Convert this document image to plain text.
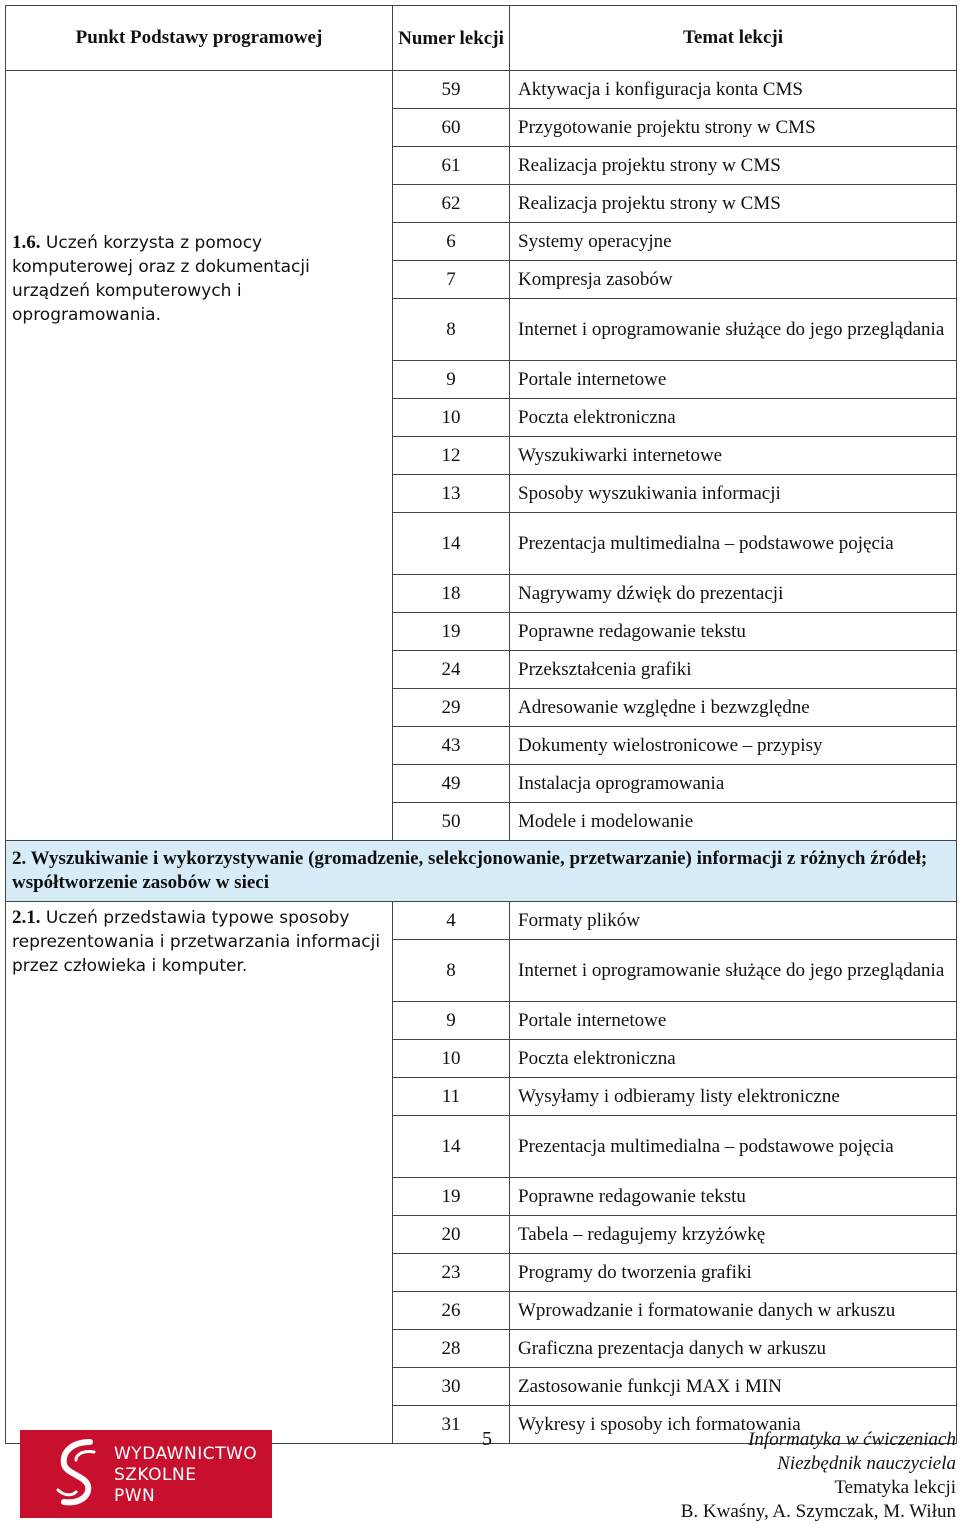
Punkt Podstawy programowej	Numer lekcji	Temat lekcji
1.6. Uczeń korzysta z pomocy komputerowej oraz z dokumentacji urządzeń komputerowych i oprogramowania.	59	Aktywacja i konfiguracja konta CMS
	60	Przygotowanie projektu strony w CMS
	61	Realizacja projektu strony w CMS
	62	Realizacja projektu strony w CMS
	6	Systemy operacyjne
	7	Kompresja zasobów
	8	Internet i oprogramowanie służące do jego przeglądania
	9	Portale internetowe
	10	Poczta elektroniczna
	12	Wyszukiwarki internetowe
	13	Sposoby wyszukiwania informacji
	14	Prezentacja multimedialna – podstawowe pojęcia
	18	Nagrywamy dźwięk do prezentacji
	19	Poprawne redagowanie tekstu
	24	Przekształcenia grafiki
	29	Adresowanie względne i bezwzględne
	43	Dokumenty wielostronicowe – przypisy
	49	Instalacja oprogramowania
	50	Modele i modelowanie
2. Wyszukiwanie i wykorzystywanie (gromadzenie, selekcjonowanie, przetwarzanie) informacji z różnych źródeł; współtworzenie zasobów w sieci		
2.1. Uczeń przedstawia typowe sposoby reprezentowania i przetwarzania informacji przez człowieka i komputer.	4	Formaty plików
	8	Internet i oprogramowanie służące do jego przeglądania
	9	Portale internetowe
	10	Poczta elektroniczna
	11	Wysyłamy i odbieramy listy elektroniczne
	14	Prezentacja multimedialna – podstawowe pojęcia
	19	Poprawne redagowanie tekstu
	20	Tabela – redagujemy krzyżówkę
	23	Programy do tworzenia grafiki
	26	Wprowadzanie i formatowanie danych w arkuszu
	28	Graficzna prezentacja danych w arkuszu
	30	Zastosowanie funkcji MAX i MIN
	31	Wykresy i sposoby ich formatowania
WYDAWNICTWO
SZKOLNE
PWN
5	Informatyka w ćwiczeniach
Niezbędnik nauczyciela
Tematyka lekcji
B. Kwaśny, A. Szymczak, M. Wiłun
